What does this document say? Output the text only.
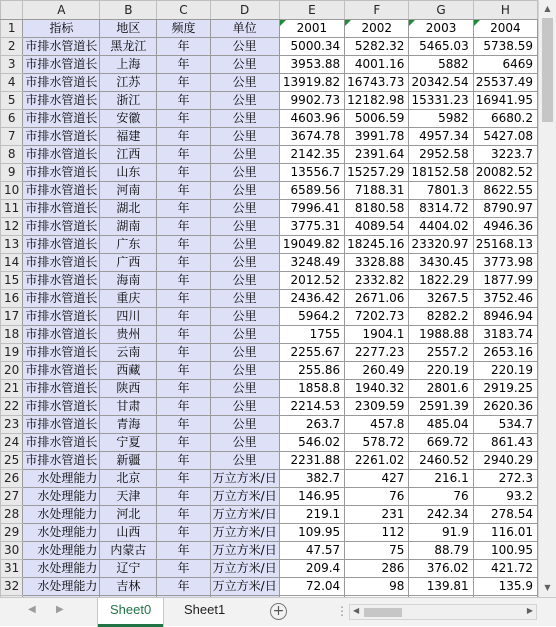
	A	B	C	D	E	F	G	H
1	指标	地区	频度	单位	2001	2002	2003	2004
2	市排水管道长	黑龙江	年	公里	5000.34	5282.32	5465.03	5738.59
3	市排水管道长	上海	年	公里	3953.88	4001.16	5882	6469
4	市排水管道长	江苏	年	公里	13919.82	16743.73	20342.54	25537.49
5	市排水管道长	浙江	年	公里	9902.73	12182.98	15331.23	16941.95
6	市排水管道长	安徽	年	公里	4603.96	5006.59	5982	6680.2
7	市排水管道长	福建	年	公里	3674.78	3991.78	4957.34	5427.08
8	市排水管道长	江西	年	公里	2142.35	2391.64	2952.58	3223.7
9	市排水管道长	山东	年	公里	13556.7	15257.29	18152.58	20082.52
10	市排水管道长	河南	年	公里	6589.56	7188.31	7801.3	8622.55
11	市排水管道长	湖北	年	公里	7996.41	8180.58	8314.72	8790.97
12	市排水管道长	湖南	年	公里	3775.31	4089.54	4404.02	4946.36
13	市排水管道长	广东	年	公里	19049.82	18245.16	23320.97	25168.13
14	市排水管道长	广西	年	公里	3248.49	3328.88	3430.45	3773.98
15	市排水管道长	海南	年	公里	2012.52	2332.82	1822.29	1877.99
16	市排水管道长	重庆	年	公里	2436.42	2671.06	3267.5	3752.46
17	市排水管道长	四川	年	公里	5964.2	7202.73	8282.2	8946.94
18	市排水管道长	贵州	年	公里	1755	1904.1	1988.88	3183.74
19	市排水管道长	云南	年	公里	2255.67	2277.23	2557.2	2653.16
20	市排水管道长	西藏	年	公里	255.86	260.49	220.19	220.19
21	市排水管道长	陕西	年	公里	1858.8	1940.32	2801.6	2919.25
22	市排水管道长	甘肃	年	公里	2214.53	2309.59	2591.39	2620.36
23	市排水管道长	青海	年	公里	263.7	457.8	485.04	534.7
24	市排水管道长	宁夏	年	公里	546.02	578.72	669.72	861.43
25	市排水管道长	新疆	年	公里	2231.88	2261.02	2460.52	2940.29
26	水处理能力	北京	年	万立方米/日	382.7	427	216.1	272.3
27	水处理能力	天津	年	万立方米/日	146.95	76	76	93.2
28	水处理能力	河北	年	万立方米/日	219.1	231	242.34	278.54
29	水处理能力	山西	年	万立方米/日	109.95	112	91.9	116.01
30	水处理能力	内蒙古	年	万立方米/日	47.57	75	88.79	100.95
31	水处理能力	辽宁	年	万立方米/日	209.4	286	376.02	421.72
32	水处理能力	吉林	年	万立方米/日	72.04	98	139.81	135.9

▲
▼
◀ ▶	Sheet0	Sheet1	+	⋮ ◀	▶
